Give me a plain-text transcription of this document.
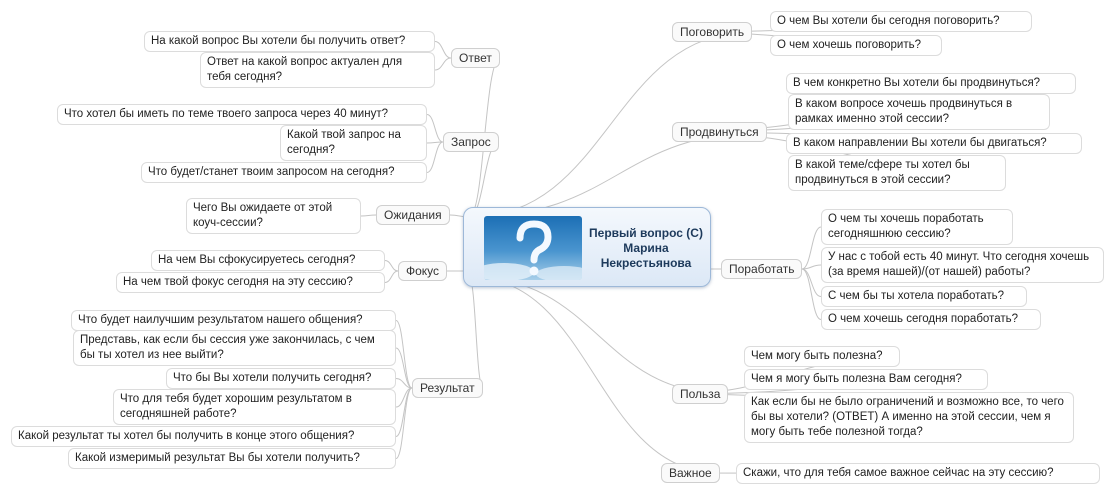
Первый вопрос (С) Марина Некрестьянова
Ответ
На какой вопрос Вы хотели бы получить ответ?
Ответ на какой вопрос актуален для тебя сегодня?
Запрос
Что хотел бы иметь по теме твоего запроса через 40 минут?
Какой твой запрос на сегодня?
Что будет/станет твоим запросом на сегодня?
Ожидания
Чего Вы ожидаете от этой коуч-сессии?
Фокус
На чем Вы сфокусируетесь сегодня?
На чем твой фокус сегодня на эту сессию?
Результат
Что будет наилучшим результатом нашего общения?
Представь, как если бы сессия уже закончилась, с чем бы ты хотел из нее выйти?
Что бы Вы хотели получить сегодня?
Что для тебя будет хорошим результатом в сегодняшней работе?
Какой результат ты хотел бы получить в конце этого общения?
Какой измеримый результат Вы бы хотели получить?
Поговорить
О чем Вы хотели бы сегодня поговорить?
О чем хочешь поговорить?
Продвинуться
В чем конкретно Вы хотели бы продвинуться?
В каком вопросе хочешь продвинуться в рамках именно этой сессии?
В каком направлении Вы хотели бы двигаться?
В какой теме/сфере ты хотел бы продвинуться в этой сессии?
Поработать
О чем ты хочешь поработать сегодняшнюю сессию?
У нас с тобой есть 40 минут. Что сегодня хочешь (за время нашей)/(от нашей) работы?
С чем бы ты хотела поработать?
О чем хочешь сегодня поработать?
Польза
Чем могу быть полезна?
Чем я могу быть полезна Вам сегодня?
Как если бы не было ограничений и возможно все, то чего бы вы хотели? (ОТВЕТ) А именно на этой сессии, чем я могу быть тебе полезной тогда?
Важное	Скажи, что для тебя самое важное сейчас на эту сессию?
